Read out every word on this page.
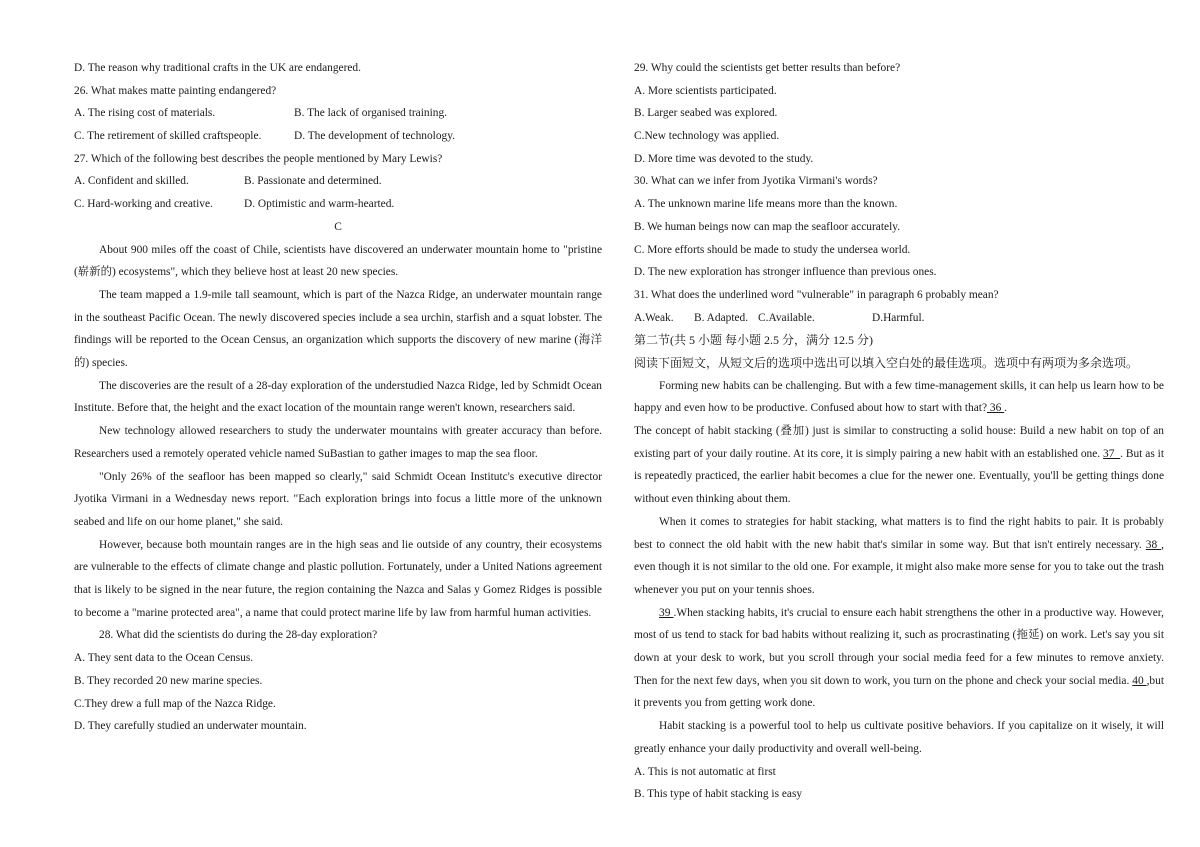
D. The reason why traditional crafts in the UK are endangered.
26. What makes matte painting endangered?
A. The rising cost of materials.	B. The lack of organised training.
C. The retirement of skilled craftspeople.	D. The development of technology.
27. Which of the following best describes the people mentioned by Mary Lewis?
A. Confident and skilled.	B. Passionate and determined.
C. Hard-working and creative.	D. Optimistic and warm-hearted.
C
About 900 miles off the coast of Chile, scientists have discovered an underwater mountain home to "pristine (崭新的) ecosystems", which they believe host at least 20 new species.
The team mapped a 1.9-mile tall seamount, which is part of the Nazca Ridge, an underwater mountain range in the southeast Pacific Ocean. The newly discovered species include a sea urchin, starfish and a squat lobster. The findings will be reported to the Ocean Census, an organization which supports the discovery of new marine (海洋的) species.
The discoveries are the result of a 28-day exploration of the understudied Nazca Ridge, led by Schmidt Ocean Institute. Before that, the height and the exact location of the mountain range weren't known, researchers said.
New technology allowed researchers to study the underwater mountains with greater accuracy than before. Researchers used a remotely operated vehicle named SuBastian to gather images to map the sea floor.
"Only 26% of the seafloor has been mapped so clearly," said Schmidt Ocean Institutc's executive director Jyotika Virmani in a Wednesday news report. "Each exploration brings into focus a little more of the unknown seabed and life on our home planet," she said.
However, because both mountain ranges are in the high seas and lie outside of any country, their ecosystems are vulnerable to the effects of climate change and plastic pollution. Fortunately, under a United Nations agreement that is likely to be signed in the near future, the region containing the Nazca and Salas y Gomez Ridges is possible to become a "marine protected area", a name that could protect marine life by law from harmful human activities.
28. What did the scientists do during the 28-day exploration?
A. They sent data to the Ocean Census.
B. They recorded 20 new marine species.
C.They drew a full map of the Nazca Ridge.
D. They carefully studied an underwater mountain.
29. Why could the scientists get better results than before?
A. More scientists participated.
B. Larger seabed was explored.
C.New technology was applied.
D. More time was devoted to the study.
30. What can we infer from Jyotika Virmani's words?
A. The unknown marine life means more than the known.
B. We human beings now can map the seafloor accurately.
C. More efforts should be made to study the undersea world.
D. The new exploration has stronger influence than previous ones.
31. What does the underlined word "vulnerable" in paragraph 6 probably mean?
A.Weak. B. Adapted. C.Available.	D.Harmful.
第二节(共 5 小题 每小题 2.5 分，满分 12.5 分)
阅读下面短文，从短文后的选项中选出可以填入空白处的最佳选项。选项中有两项为多余选项。
Forming new habits can be challenging. But with a few time-management skills, it can help us learn how to be happy and even how to be productive. Confused about how to start with that? 36 .
The concept of habit stacking (叠加) just is similar to constructing a solid house: Build a new habit on top of an existing part of your daily routine. At its core, it is simply pairing a new habit with an established one. 37_. But as it is repeatedly practiced, the earlier habit becomes a clue for the newer one. Eventually, you'll be getting things done without even thinking about them.
When it comes to strategies for habit stacking, what matters is to find the right habits to pair. It is probably best to connect the old habit with the new habit that's similar in some way. But that isn't entirely necessary. 38 , even though it is not similar to the old one. For example, it might also make more sense for you to take out the trash whenever you put on your tennis shoes.
39 .When stacking habits, it's crucial to ensure each habit strengthens the other in a productive way. However, most of us tend to stack for bad habits without realizing it, such as procrastinating (拖延) on work. Let's say you sit down at your desk to work, but you scroll through your social media feed for a few minutes to remove anxiety. Then for the next few days, when you sit down to work, you turn on the phone and check your social media. 40 ,but it prevents you from getting work done.
Habit stacking is a powerful tool to help us cultivate positive behaviors. If you capitalize on it wisely, it will greatly enhance your daily productivity and overall well-being.
A. This is not automatic at first
B. This type of habit stacking is easy
